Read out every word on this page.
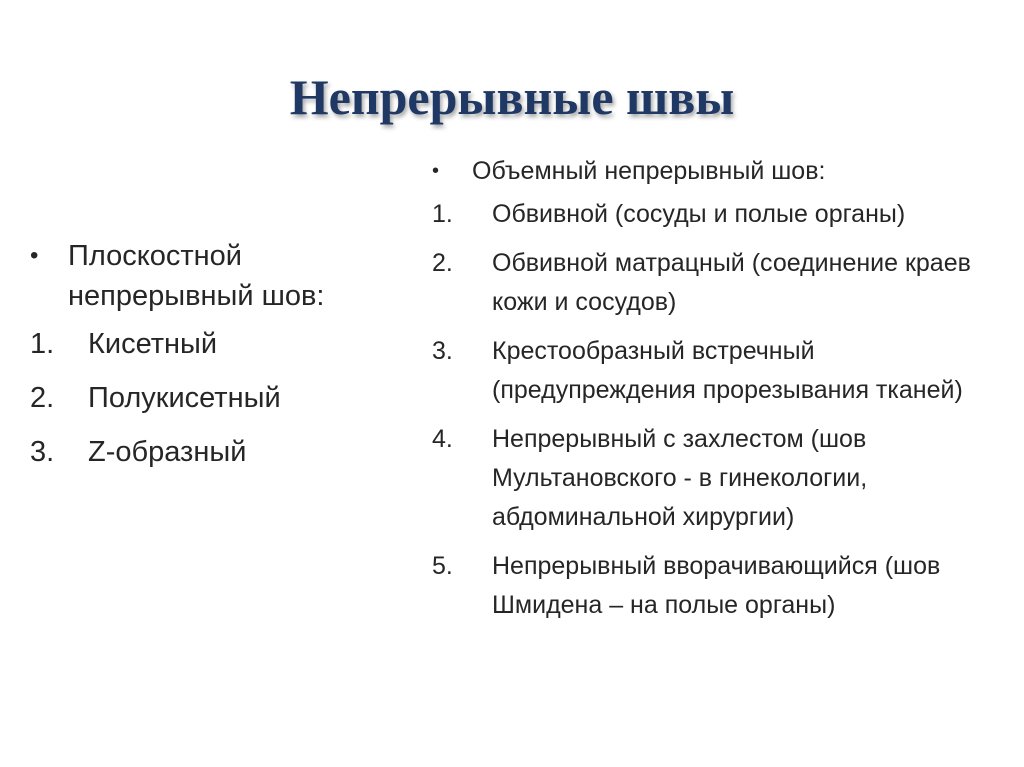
Непрерывные швы
•	Плоскостной непрерывный шов:
1.	Кисетный
2.	Полукисетный
3.	Z-образный
•	Объемный непрерывный шов:
1.	Обвивной (сосуды и полые органы)
2.	Обвивной матрацный (соединение краев кожи и сосудов)
3.	Крестообразный встречный (предупреждения прорезывания тканей)
4.	Непрерывный с захлестом (шов Мультановского - в гинекологии, абдоминальной хирургии)
5.	Непрерывный вворачивающийся (шов Шмидена – на полые органы)
